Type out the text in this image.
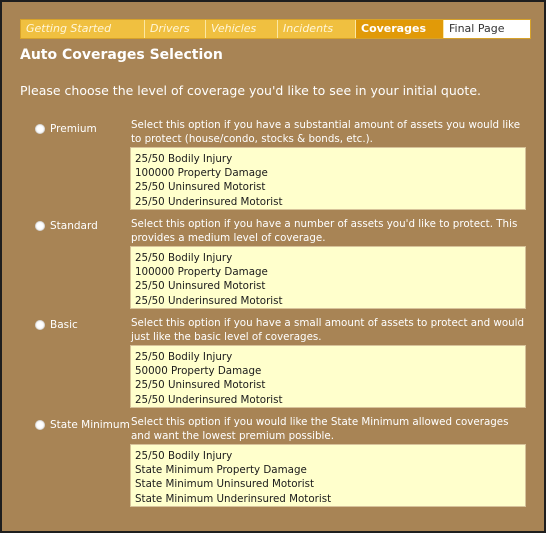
Getting Started	Drivers	Vehicles	Incidents	Coverages	Final Page
Auto Coverages Selection
Please choose the level of coverage you'd like to see in your initial quote.
Premium	Select this option if you have a substantial amount of assets you would like to protect (house/condo, stocks & bonds, etc.).
25/50 Bodily Injury
100000 Property Damage
25/50 Uninsured Motorist
25/50 Underinsured Motorist
Standard	Select this option if you have a number of assets you'd like to protect. This provides a medium level of coverage.
25/50 Bodily Injury
100000 Property Damage
25/50 Uninsured Motorist
25/50 Underinsured Motorist
Basic	Select this option if you have a small amount of assets to protect and would just like the basic level of coverages.
25/50 Bodily Injury
50000 Property Damage
25/50 Uninsured Motorist
25/50 Underinsured Motorist
State Minimum Select this option if you would like the State Minimum allowed coverages and want the lowest premium possible.
25/50 Bodily Injury
State Minimum Property Damage
State Minimum Uninsured Motorist
State Minimum Underinsured Motorist
